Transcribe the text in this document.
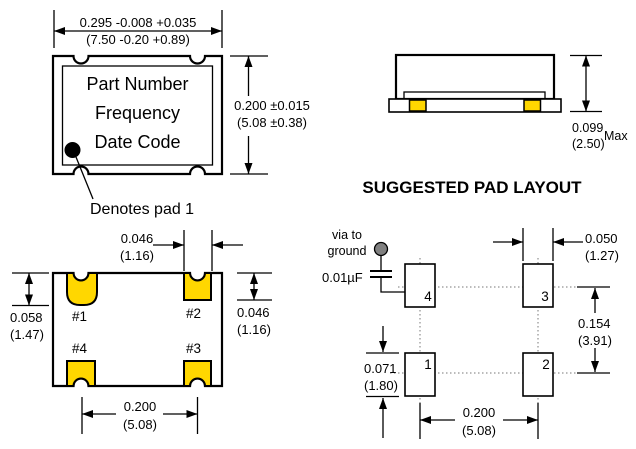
Part Number
Frequency
Date Code
Denotes pad 1
0.295 -0.008 +0.035
(7.50 -0.20 +0.89)
0.200 ±0.015
(5.08 ±0.38)	0.099
(2.50)
Max
SUGGESTED PAD LAYOUT
#1	#2
#4	#3
0.046
(1.16)
0.058
(1.47)
0.046
(1.16)
0.200
(5.08)
4	3
1	2
via to
ground
0.01µF
0.050
(1.27)
0.154
(3.91)
0.071
(1.80)
0.200
(5.08)
